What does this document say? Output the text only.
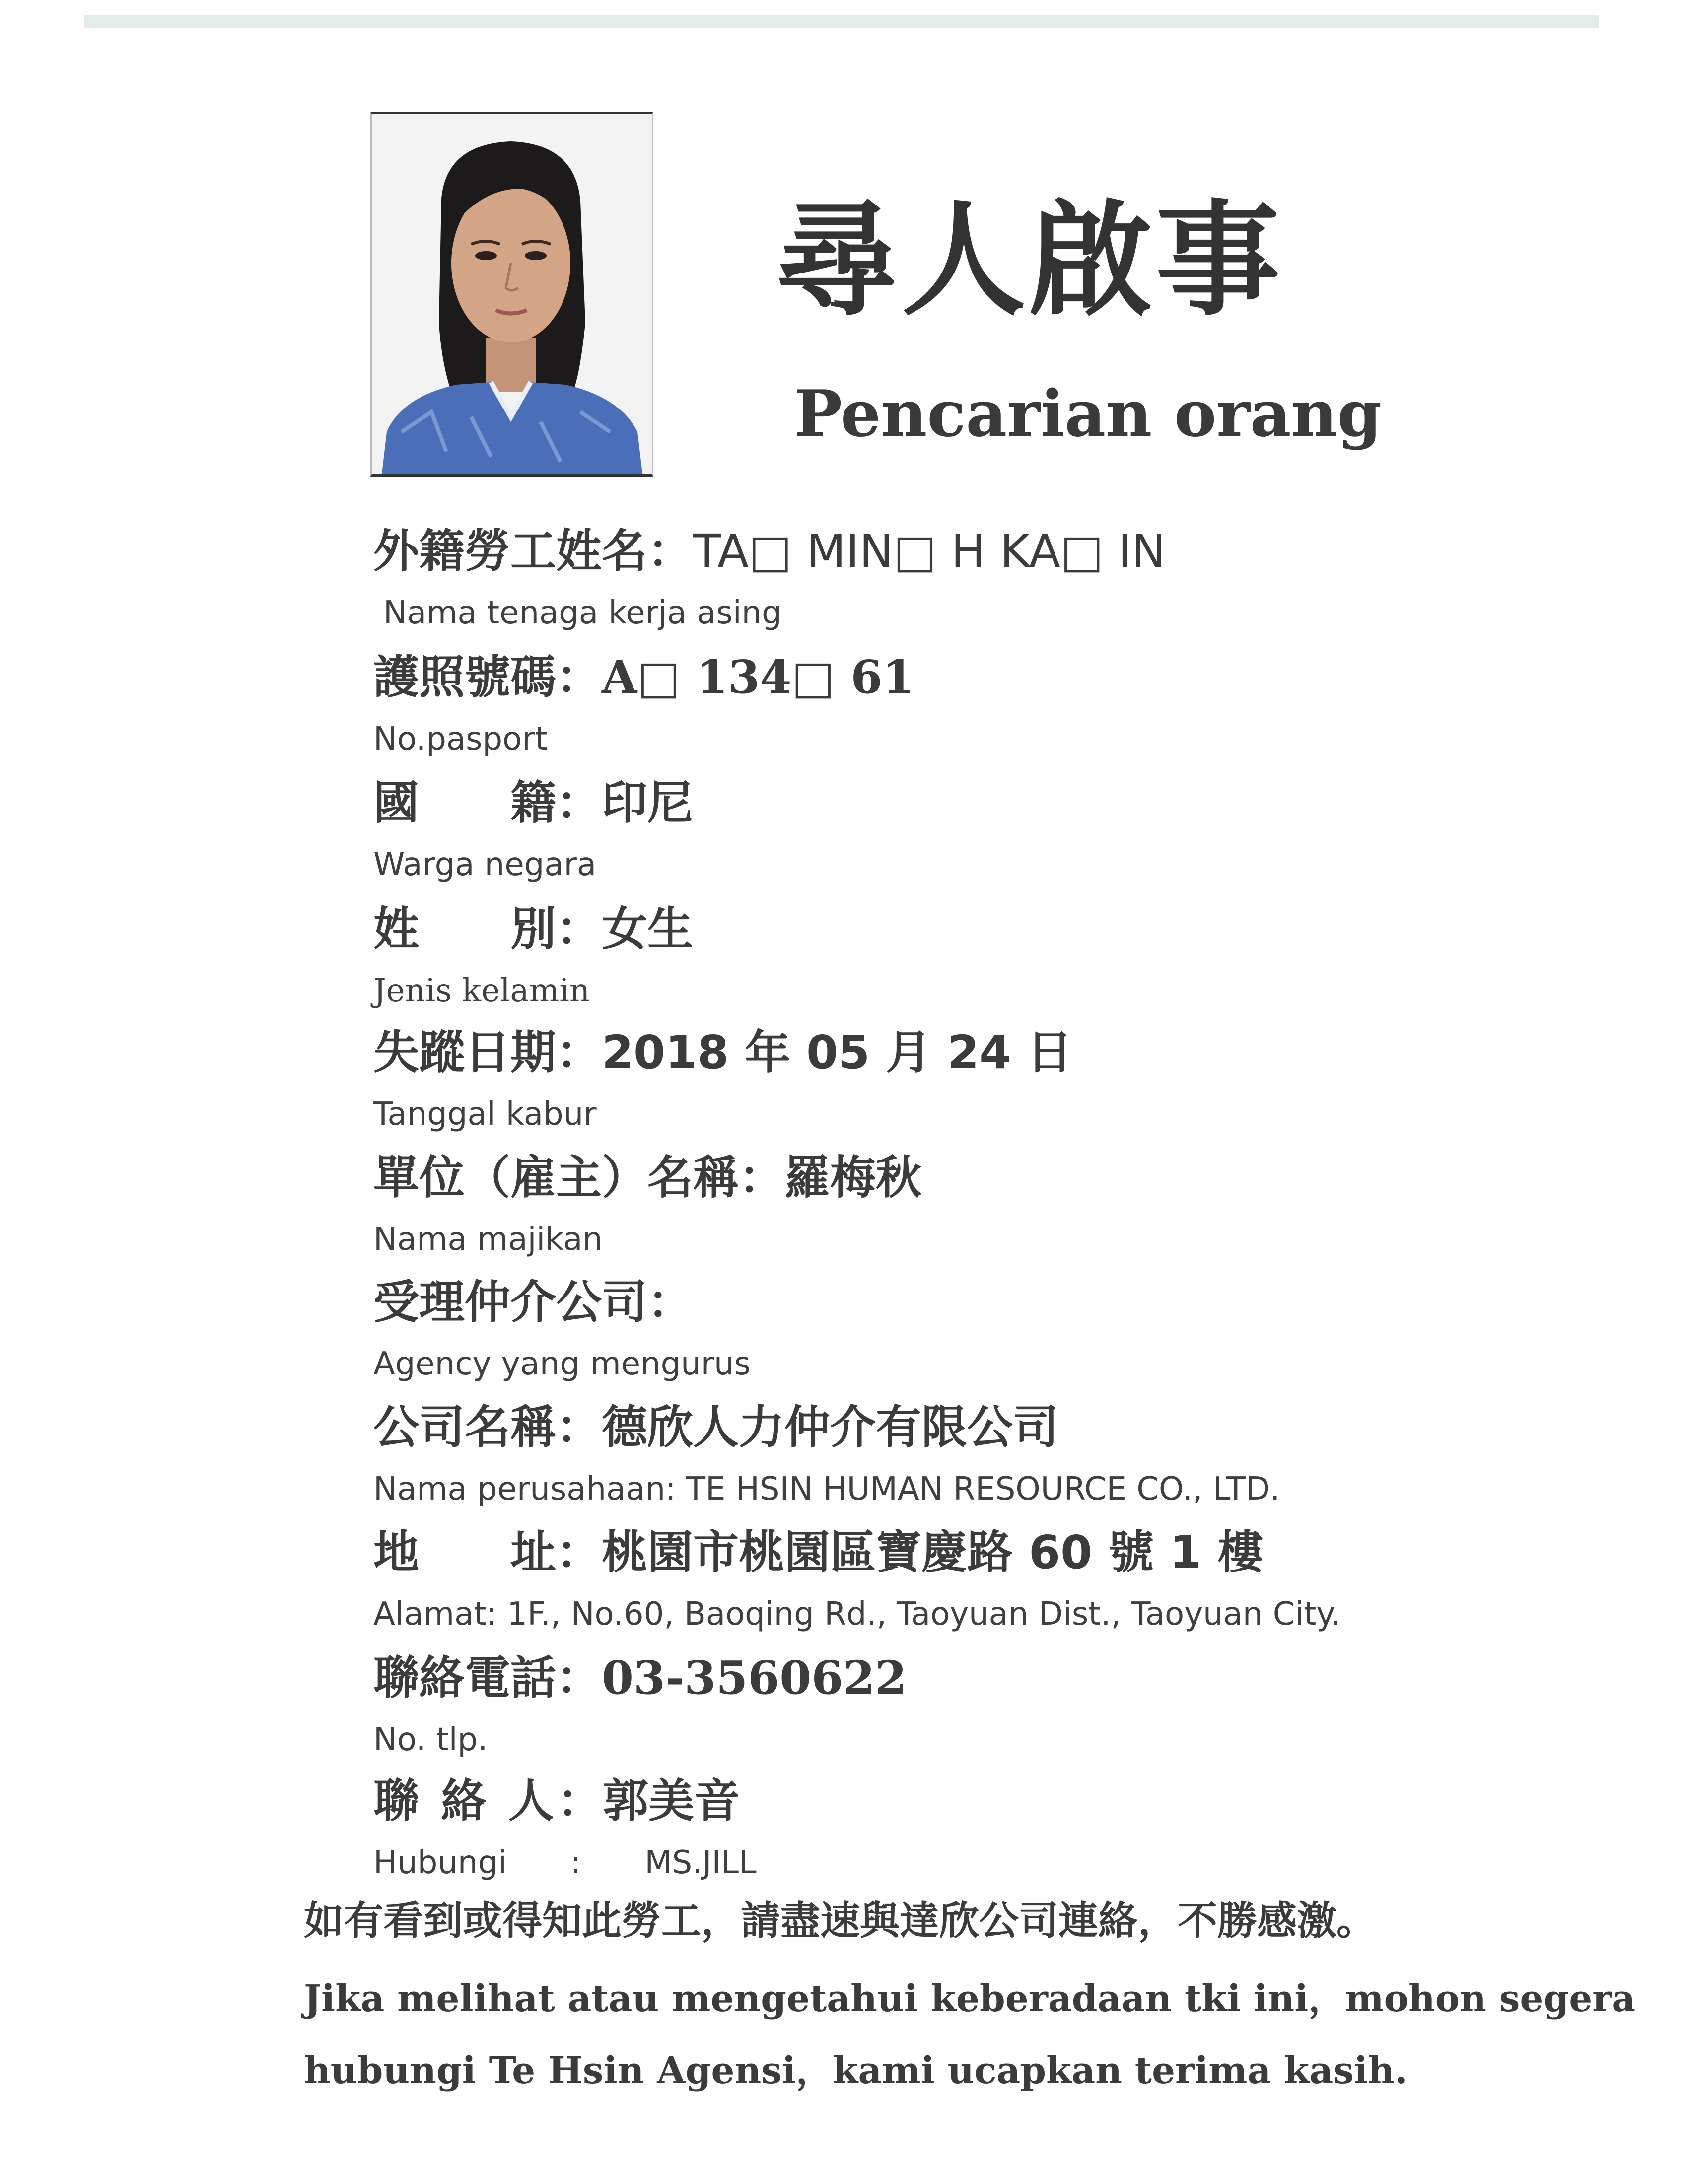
尋人啟事
Pencarian orang
外籍勞工姓名：TA□ MIN□ H KA□ IN
Nama tenaga kerja asing
護照號碼：A□ 134□ 61
No.pasport
國　　籍：印尼
Warga negara
姓　　別：女生
Jenis kelamin
失蹤日期：2018 年 05 月 24 日
Tanggal kabur
單位（雇主）名稱：羅梅秋
Nama majikan
受理仲介公司：
Agency yang mengurus
公司名稱：德欣人力仲介有限公司
Nama perusahaan: TE HSIN HUMAN RESOURCE CO., LTD.
地　　址：桃園市桃園區寶慶路 60 號 1 樓
Alamat: 1F., No.60, Baoqing Rd., Taoyuan Dist., Taoyuan City.
聯絡電話：03-3560622
No. tlp.
聯 絡 人：郭美音
Hubungi　　:　　MS.JILL
如有看到或得知此勞工，請盡速與達欣公司連絡，不勝感激。
Jika melihat atau mengetahui keberadaan tki ini，mohon segera
hubungi Te Hsin Agensi，kami ucapkan terima kasih.
